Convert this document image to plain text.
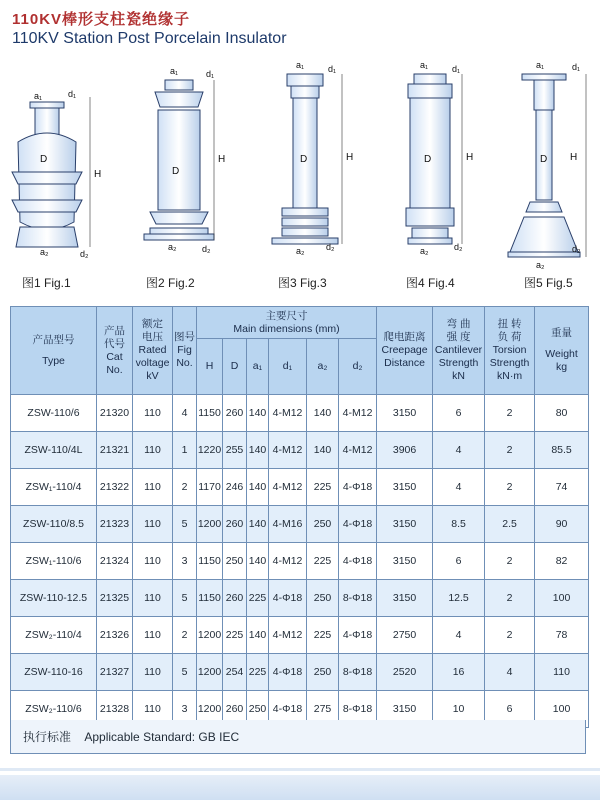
110KV棒形支柱瓷绝缘子
110KV Station Post Porcelain Insulator
a₁	d₁
D
H
a₂	d₂
a₁	d₁
D
H
a₂	d₂
a₁	d₁
D	H
a₂ d₂
a₁	d₁
D	H
a₂	d₂
a₁	d₁
D H
a₂
d₂
图1 Fig.1	图2 Fig.2	图3 Fig.3	图4 Fig.4	图5 Fig.5
产品型号
Type	产品
代号
Cat
No.	额定
电压
Rated
voltage
kV	图号
Fig
No.	主要尺寸
Main dimensions (mm)						爬电距离
Creepage
Distance	弯 曲
强 度
Cantilever
Strength
kN	扭 转
负 荷
Torsion
Strength
kN·m	重量
Weight
kg

				H	D	a₁	d₁	a₂	d₂				
ZSW-110/6	21320	110	4	1150	260	140	4-M12	140	4-M12	3150	6	2	80
ZSW-110/4L	21321	110	1	1220	255	140	4-M12	140	4-M12	3906	4	2	85.5
ZSW₁-110/4	21322	110	2	1170	246	140	4-M12	225	4-Φ18	3150	4	2	74
ZSW-110/8.5	21323	110	5	1200	260	140	4-M16	250	4-Φ18	3150	8.5	2.5	90
ZSW₁-110/6	21324	110	3	1150	250	140	4-M12	225	4-Φ18	3150	6	2	82
ZSW-110-12.5	21325	110	5	1150	260	225	4-Φ18	250	8-Φ18	3150	12.5	2	100
ZSW₂-110/4	21326	110	2	1200	225	140	4-M12	225	4-Φ18	2750	4	2	78
ZSW-110-16	21327	110	5	1200	254	225	4-Φ18	250	8-Φ18	2520	16	4	110
ZSW₂-110/6	21328	110	3	1200	260	250	4-Φ18	275	8-Φ18	3150	10	6	100
执行标准 Applicable Standard: GB IEC
